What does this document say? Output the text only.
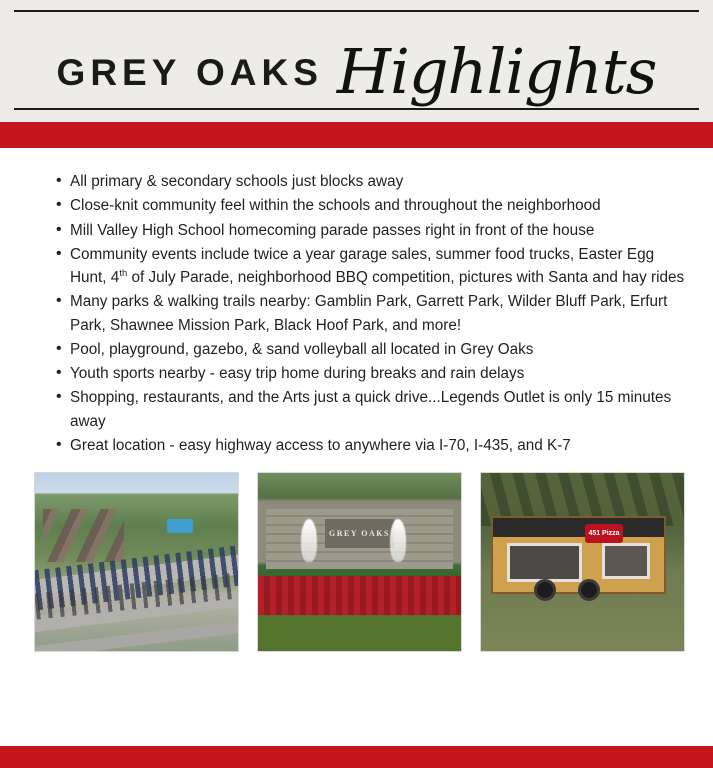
GREY OAKS Highlights
• All primary & secondary schools just blocks away
• Close-knit community feel within the schools and throughout the neighborhood
• Mill Valley High School homecoming parade passes right in front of the house
• Community events include twice a year garage sales, summer food trucks, Easter Egg Hunt, 4th of July Parade, neighborhood BBQ competition, pictures with Santa and hay rides
• Many parks & walking trails nearby: Gamblin Park, Garrett Park, Wilder Bluff Park, Erfurt Park, Shawnee Mission Park, Black Hoof Park, and more!
• Pool, playground, gazebo, & sand volleyball all located in Grey Oaks
• Youth sports nearby - easy trip home during breaks and rain delays
• Shopping, restaurants, and the Arts just a quick drive...Legends Outlet is only 15 minutes away
• Great location - easy highway access to anywhere via I-70, I-435, and K-7
GREY OAKS	451 Pizza
